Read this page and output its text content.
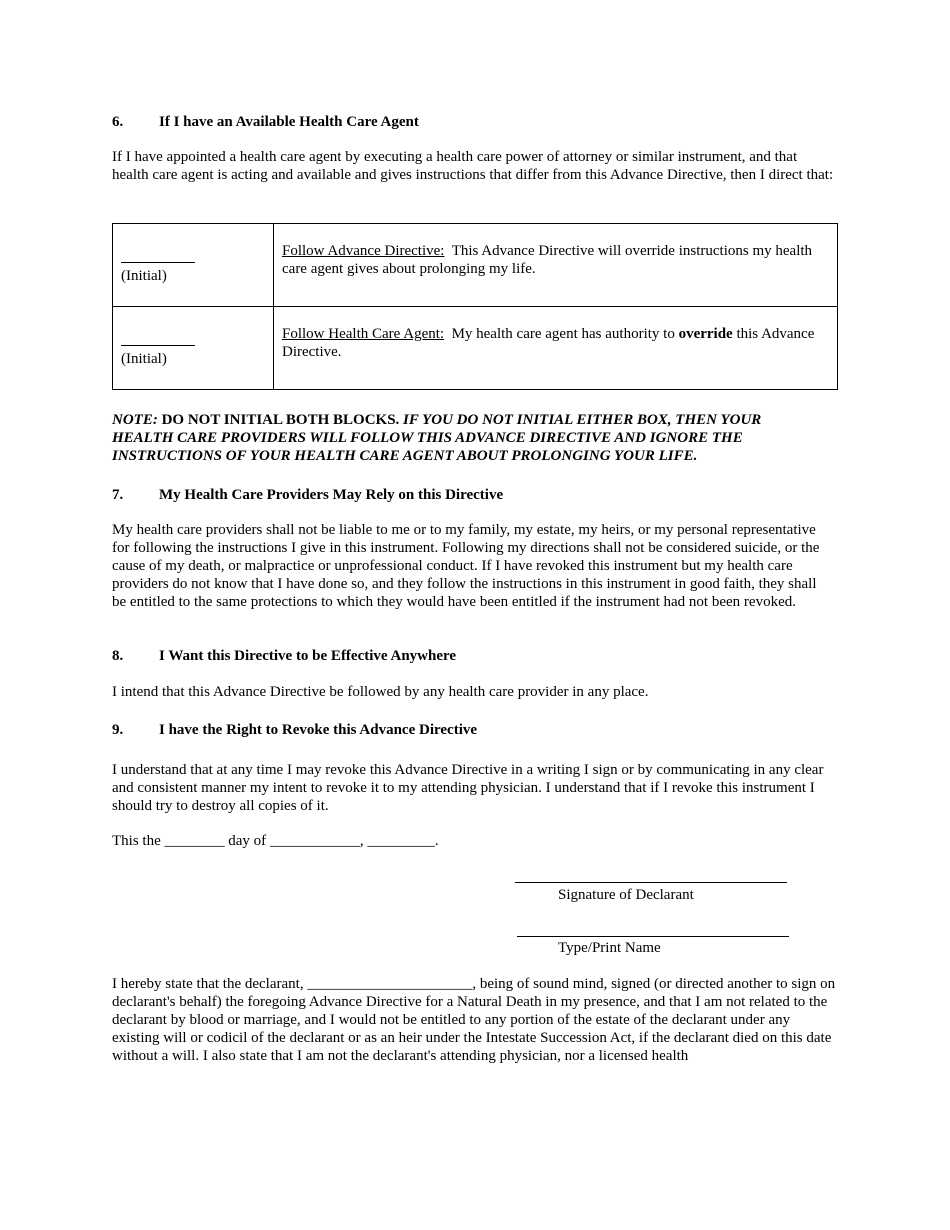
6. If I have an Available Health Care Agent

If I have appointed a health care agent by executing a health care power of attorney or similar instrument, and that health care agent is acting and available and gives instructions that differ from this Advance Directive, then I direct that:

(Initial)	Follow Advance Directive: This Advance Directive will override instructions my health care agent gives about prolonging my life.

(Initial)	Follow Health Care Agent: My health care agent has authority to override this Advance Directive.

NOTE: DO NOT INITIAL BOTH BLOCKS. IF YOU DO NOT INITIAL EITHER BOX, THEN YOUR HEALTH CARE PROVIDERS WILL FOLLOW THIS ADVANCE DIRECTIVE AND IGNORE THE INSTRUCTIONS OF YOUR HEALTH CARE AGENT ABOUT PROLONGING YOUR LIFE.

7. My Health Care Providers May Rely on this Directive

My health care providers shall not be liable to me or to my family, my estate, my heirs, or my personal representative for following the instructions I give in this instrument. Following my directions shall not be considered suicide, or the cause of my death, or malpractice or unprofessional conduct. If I have revoked this instrument but my health care providers do not know that I have done so, and they follow the instructions in this instrument in good faith, they shall be entitled to the same protections to which they would have been entitled if the instrument had not been revoked.

8. I Want this Directive to be Effective Anywhere

I intend that this Advance Directive be followed by any health care provider in any place.

9. I have the Right to Revoke this Advance Directive

I understand that at any time I may revoke this Advance Directive in a writing I sign or by communicating in any clear and consistent manner my intent to revoke it to my attending physician. I understand that if I revoke this instrument I should try to destroy all copies of it.

This the ________ day of ____________, _________.
Signature of Declarant
Type/Print Name

I hereby state that the declarant, ______________________, being of sound mind, signed (or directed another to sign on declarant's behalf) the foregoing Advance Directive for a Natural Death in my presence, and that I am not related to the declarant by blood or marriage, and I would not be entitled to any portion of the estate of the declarant under any existing will or codicil of the declarant or as an heir under the Intestate Succession Act, if the declarant died on this date without a will. I also state that I am not the declarant's attending physician, nor a licensed health
